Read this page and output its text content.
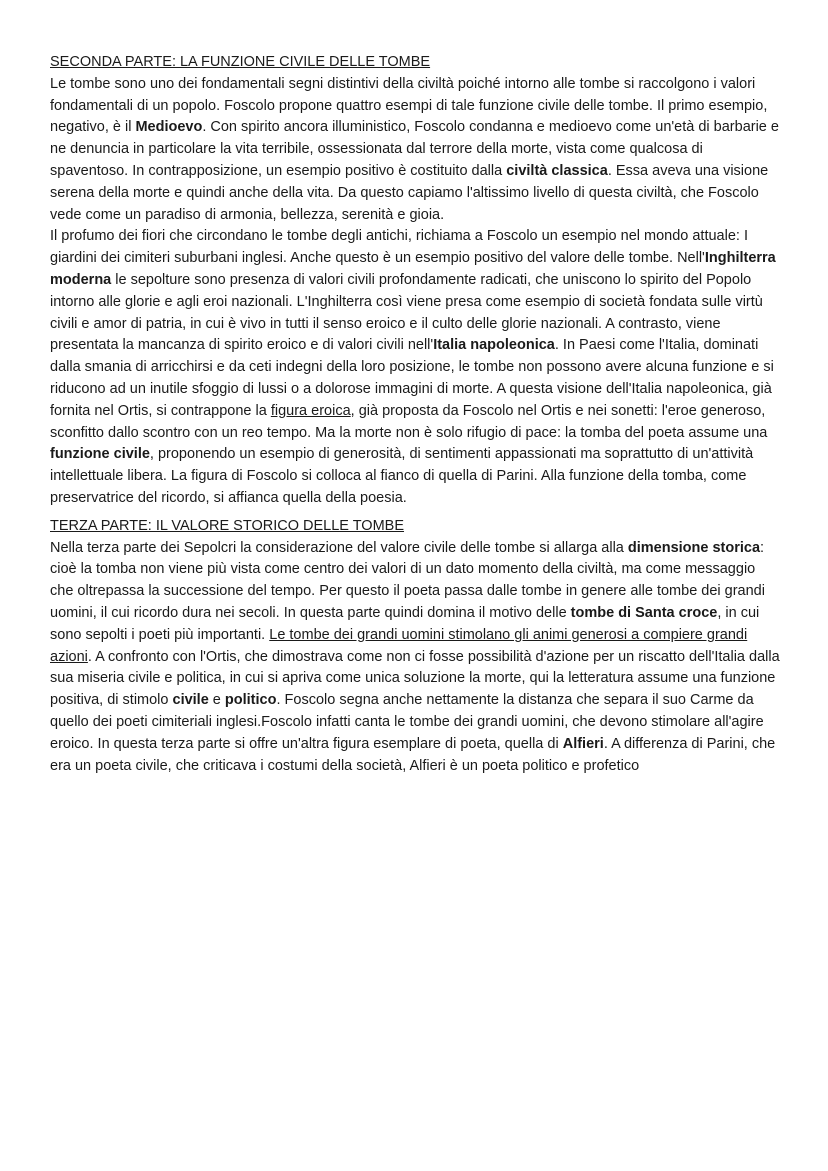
SECONDA PARTE: LA FUNZIONE CIVILE DELLE TOMBE

Le tombe sono uno dei fondamentali segni distintivi della civiltà poiché intorno alle tombe si raccolgono i valori fondamentali di un popolo. Foscolo propone quattro esempi di tale funzione civile delle tombe. Il primo esempio, negativo, è il Medioevo. Con spirito ancora illuministico, Foscolo condanna e medioevo come un'età di barbarie e ne denuncia in particolare la vita terribile, ossessionata dal terrore della morte, vista come qualcosa di spaventoso. In contrapposizione, un esempio positivo è costituito dalla civiltà classica. Essa aveva una visione serena della morte e quindi anche della vita. Da questo capiamo l'altissimo livello di questa civiltà, che Foscolo vede come un paradiso di armonia, bellezza, serenità e gioia.

Il profumo dei fiori che circondano le tombe degli antichi, richiama a Foscolo un esempio nel mondo attuale: I giardini dei cimiteri suburbani inglesi. Anche questo è un esempio positivo del valore delle tombe. Nell'Inghilterra moderna le sepolture sono presenza di valori civili profondamente radicati, che uniscono lo spirito del Popolo intorno alle glorie e agli eroi nazionali. L'Inghilterra così viene presa come esempio di società fondata sulle virtù civili e amor di patria, in cui è vivo in tutti il senso eroico e il culto delle glorie nazionali. A contrasto, viene presentata la mancanza di spirito eroico e di valori civili nell'Italia napoleonica. In Paesi come l'Italia, dominati dalla smania di arricchirsi e da ceti indegni della loro posizione, le tombe non possono avere alcuna funzione e si riducono ad un inutile sfoggio di lussi o a dolorose immagini di morte. A questa visione dell'Italia napoleonica, già fornita nel Ortis, si contrappone la figura eroica, già proposta da Foscolo nel Ortis e nei sonetti: l'eroe generoso, sconfitto dallo scontro con un reo tempo. Ma la morte non è solo rifugio di pace: la tomba del poeta assume una funzione civile, proponendo un esempio di generosità, di sentimenti appassionati ma soprattutto di un'attività intellettuale libera. La figura di Foscolo si colloca al fianco di quella di Parini. Alla funzione della tomba, come preservatrice del ricordo, si affianca quella della poesia.

TERZA PARTE: IL VALORE STORICO DELLE TOMBE

Nella terza parte dei Sepolcri la considerazione del valore civile delle tombe si allarga alla dimensione storica: cioè la tomba non viene più vista come centro dei valori di un dato momento della civiltà, ma come messaggio che oltrepassa la successione del tempo. Per questo il poeta passa dalle tombe in genere alle tombe dei grandi uomini, il cui ricordo dura nei secoli. In questa parte quindi domina il motivo delle tombe di Santa croce, in cui sono sepolti i poeti più importanti. Le tombe dei grandi uomini stimolano gli animi generosi a compiere grandi azioni. A confronto con l'Ortis, che dimostrava come non ci fosse possibilità d'azione per un riscatto dell'Italia dalla sua miseria civile e politica, in cui si apriva come unica soluzione la morte, qui la letteratura assume una funzione positiva, di stimolo civile e politico. Foscolo segna anche nettamente la distanza che separa il suo Carme da quello dei poeti cimiteriali inglesi.Foscolo infatti canta le tombe dei grandi uomini, che devono stimolare all'agire eroico. In questa terza parte si offre un'altra figura esemplare di poeta, quella di Alfieri. A differenza di Parini, che era un poeta civile, che criticava i costumi della società, Alfieri è un poeta politico e profetico
